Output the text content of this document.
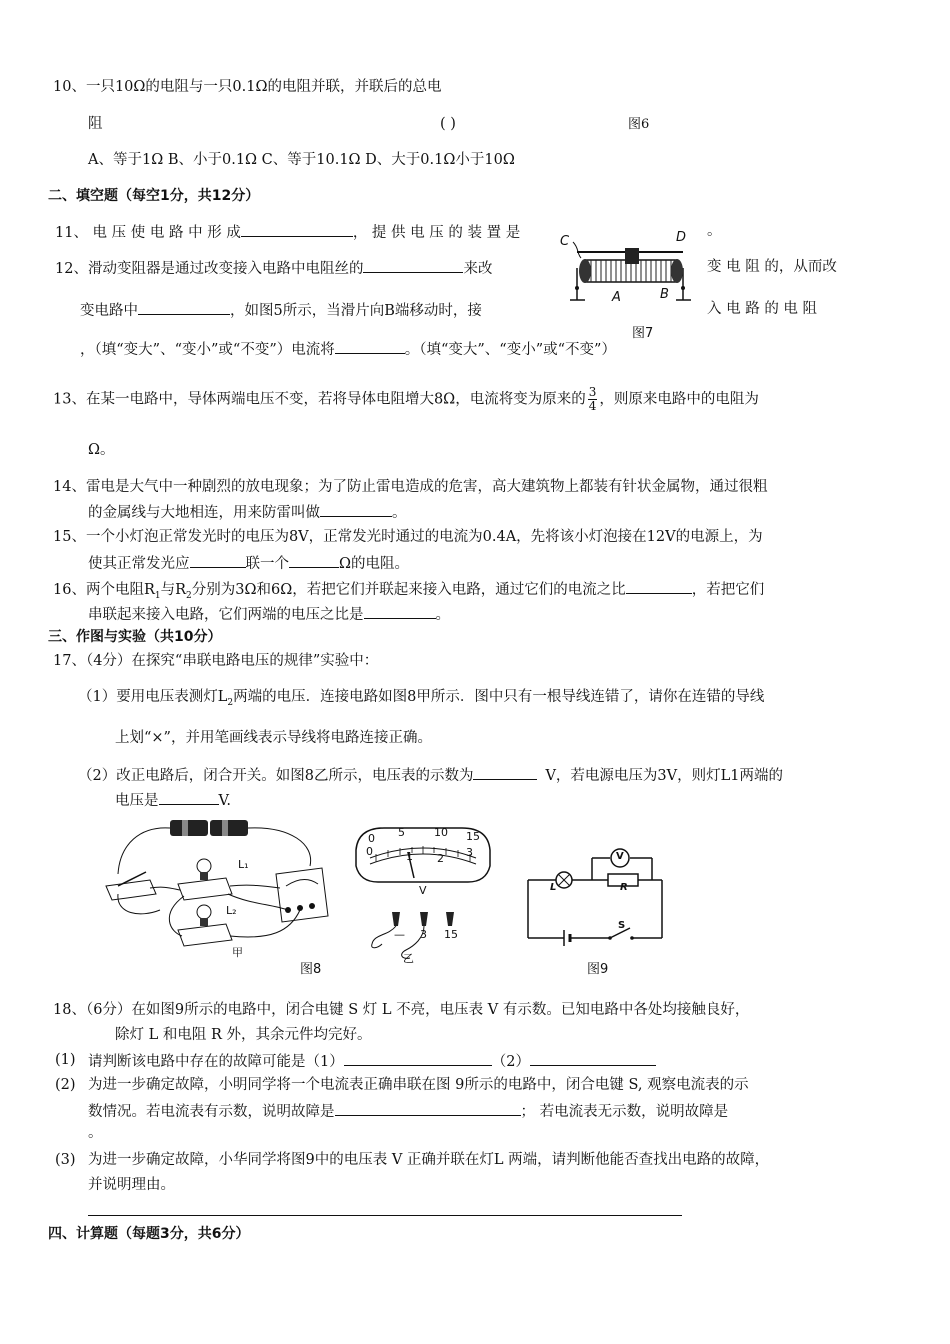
10、一只10Ω的电阻与一只0.1Ω的电阻并联，并联后的总电
阻	( )	图6
A、等于1Ω B、小于0.1Ω C、等于10.1Ω D、大于0.1Ω小于10Ω
二、填空题（每空1分，共12分）
11、 电 压 使 电 路 中 形 成	， 提 供 电 压 的 装 置 是	。
12、滑动变阻器是通过改变接入电路中电阻丝的	来改	变 电 阻 的，从而改
变电路中	，如图5所示，当滑片向B端移动时，接	入 电 路 的 电 阻
，（填“变大”、“变小”或“不变”）电流将	。（填“变大”、“变小”或“不变”）
C	D
A	B
图7
13、在某一电路中，导体两端电压不变，若将导体电阻增大8Ω，电流将变为原来的 $\frac{3}{4}$ ，则原来电路中的电阻为
Ω。
14、雷电是大气中一种剧烈的放电现象；为了防止雷电造成的危害，高大建筑物上都装有针状金属物，通过很粗
的金属线与大地相连，用来防雷叫做	。
15、一个小灯泡正常发光时的电压为8V，正常发光时通过的电流为0.4A，先将该小灯泡接在12V的电源上，为
使其正常发光应	联一个	Ω的电阻。
16、两个电阻$R_1$与$R_2$分别为3Ω和6Ω，若把它们并联起来接入电路，通过它们的电流之比	，若把它们
串联起来接入电路，它们两端的电压之比是	。
三、作图与实验（共10分）
17、（4分）在探究“串联电路电压的规律”实验中：
（1）要用电压表测灯$L_2$两端的电压．连接电路如图8甲所示．图中只有一根导线连错了，请你在连错的导线
上划“×”，并用笔画线表示导线将电路连接正确。
（2）改正电路后，闭合开关。如图8乙所示，电压表的示数为	V，若电源电压为3V，则灯L1两端的
电压是	V.
L₁
L₂
甲
0	1 2 3
0 5	10 15
V
— 3 15
乙
图8
V
L	R
S
图9
18、（6分）在如图9所示的电路中，闭合电键 S 灯 L 不亮，电压表 V 有示数。已知电路中各处均接触良好，
除灯 L 和电阻 R 外，其余元件均完好。
(1) 请判断该电路中存在的故障可能是（1）	（2）
(2) 为进一步确定故障，小明同学将一个电流表正确串联在图 9所示的电路中，闭合电键 S, 观察电流表的示
数情况。若电流表有示数，说明故障是	； 若电流表无示数，说明故障是
。
(3) 为进一步确定故障，小华同学将图9中的电压表 V 正确并联在灯L 两端，请判断他能否查找出电路的故障，
并说明理由。
四、计算题（每题3分，共6分）
